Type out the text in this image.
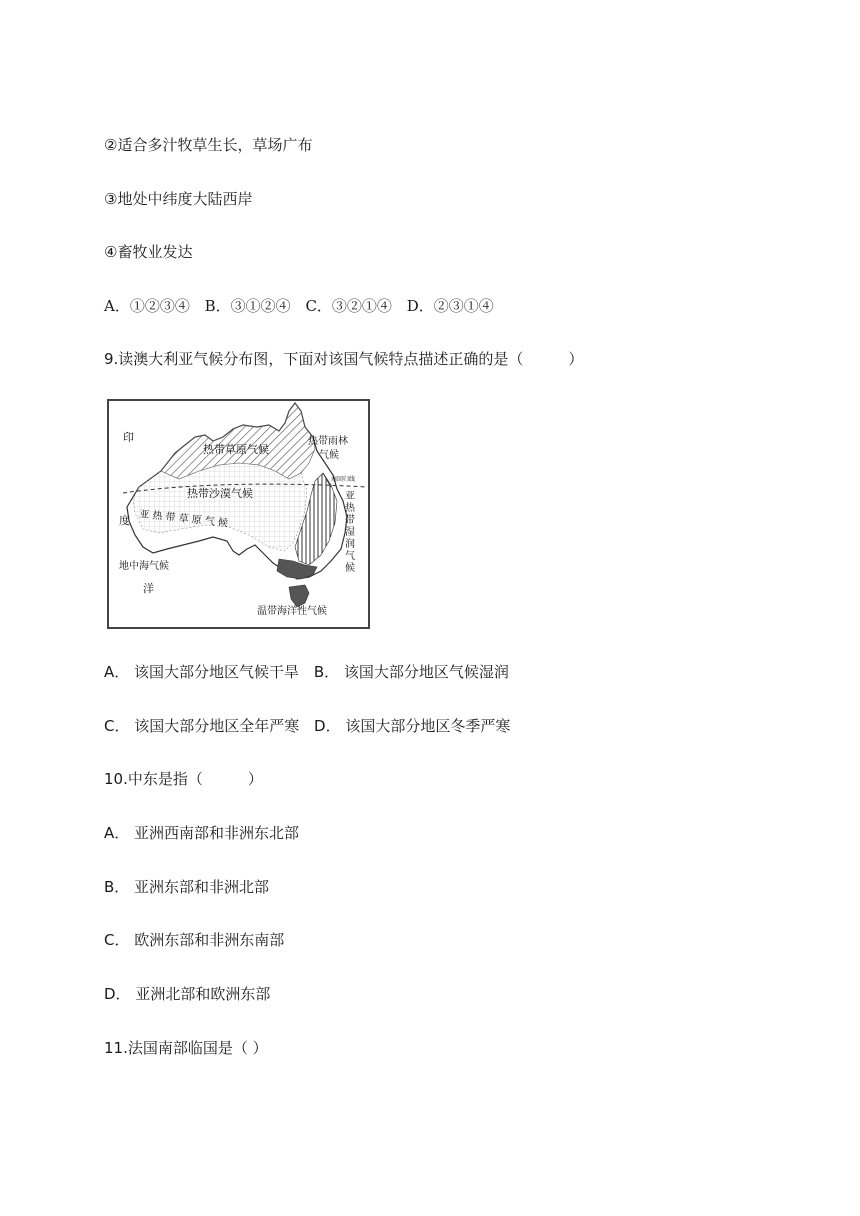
②适合多汁牧草生长，草场广布
③地处中纬度大陆西岸
④畜牧业发达
A．①②③④ B．③①②④ C．③②①④ D．②③①④
9.读澳大利亚气候分布图，下面对该国气候特点描述正确的是（　　　）
印
度
洋
热带草原气候
热带雨林
气候
南回归线
热带沙漠气候
亚 热 带 草 原 气 候
地中海气候
温带海洋性气候
亚热带湿润气候
A． 该国大部分地区气候干旱 B． 该国大部分地区气候湿润
C． 该国大部分地区全年严寒 D． 该国大部分地区冬季严寒
10.中东是指（　　　）
A． 亚洲西南部和非洲东北部
B． 亚洲东部和非洲北部
C． 欧洲东部和非洲东南部
D． 亚洲北部和欧洲东部
11.法国南部临国是（ ）
